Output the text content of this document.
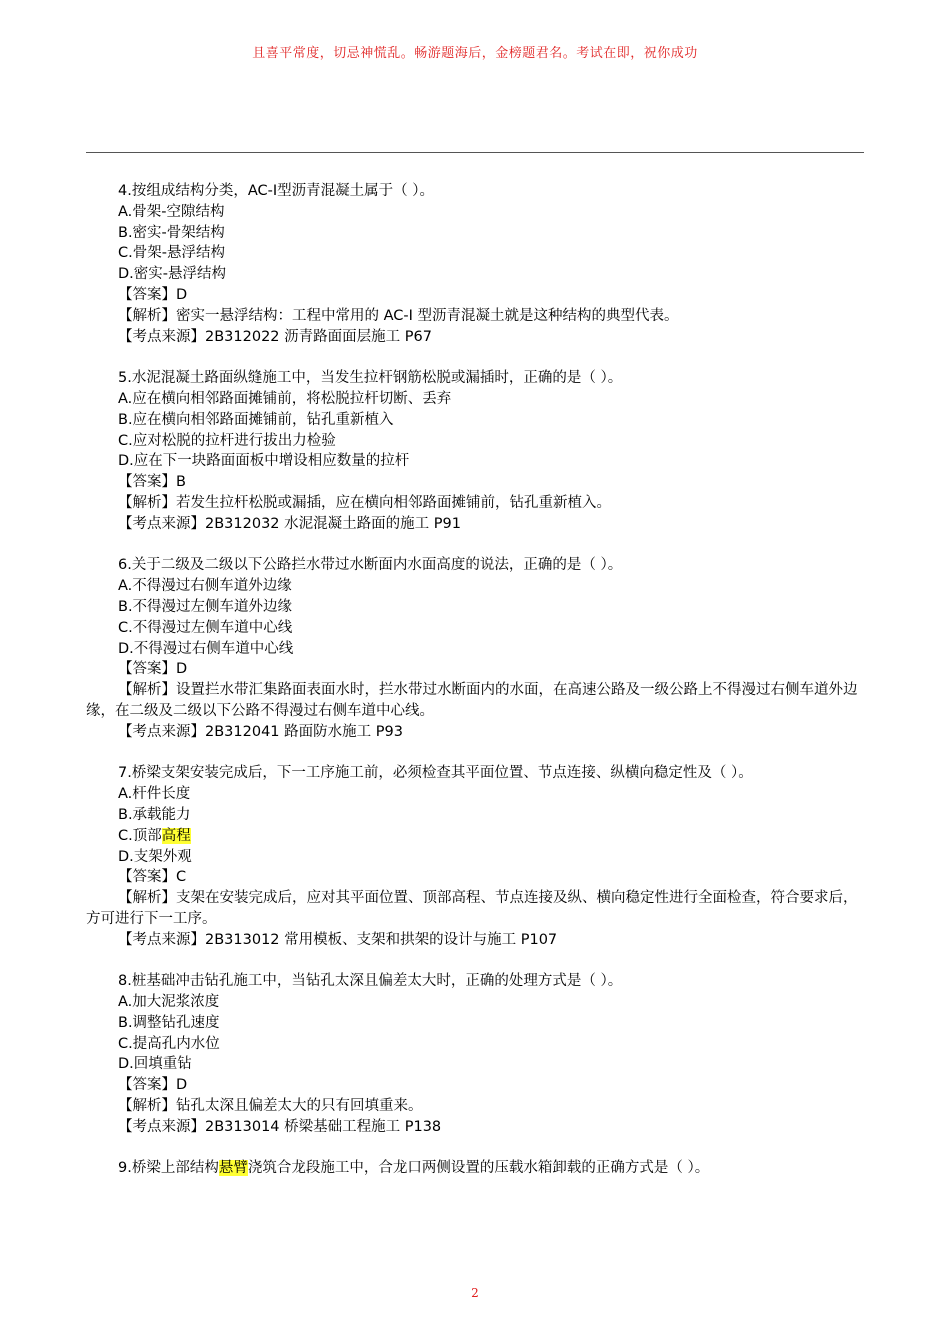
且喜平常度，切忌神慌乱。畅游题海后，金榜题君名。考试在即，祝你成功
4.按组成结构分类，AC-Ⅰ型沥青混凝土属于（ ）。
A.骨架-空隙结构
B.密实-骨架结构
C.骨架-悬浮结构
D.密实-悬浮结构
【答案】D
【解析】密实一悬浮结构：工程中常用的 AC-I 型沥青混凝土就是这种结构的典型代表。
【考点来源】2B312022 沥青路面面层施工 P67
5.水泥混凝土路面纵缝施工中，当发生拉杆钢筋松脱或漏插时，正确的是（ ）。
A.应在横向相邻路面摊铺前，将松脱拉杆切断、丢弃
B.应在横向相邻路面摊铺前，钻孔重新植入
C.应对松脱的拉杆进行拔出力检验
D.应在下一块路面面板中增设相应数量的拉杆
【答案】B
【解析】若发生拉杆松脱或漏插，应在横向相邻路面摊铺前，钻孔重新植入。
【考点来源】2B312032 水泥混凝土路面的施工 P91
6.关于二级及二级以下公路拦水带过水断面内水面高度的说法，正确的是（ ）。
A.不得漫过右侧车道外边缘
B.不得漫过左侧车道外边缘
C.不得漫过左侧车道中心线
D.不得漫过右侧车道中心线
【答案】D
【解析】设置拦水带汇集路面表面水时，拦水带过水断面内的水面，在高速公路及一级公路上不得漫过右侧车道外边缘，在二级及二级以下公路不得漫过右侧车道中心线。
【考点来源】2B312041 路面防水施工 P93
7.桥梁支架安装完成后，下一工序施工前，必须检查其平面位置、节点连接、纵横向稳定性及（ ）。
A.杆件长度
B.承载能力
C.顶部高程
D.支架外观
【答案】C
【解析】支架在安装完成后，应对其平面位置、顶部高程、节点连接及纵、横向稳定性进行全面检查，符合要求后，方可进行下一工序。
【考点来源】2B313012 常用模板、支架和拱架的设计与施工 P107
8.桩基础冲击钻孔施工中，当钻孔太深且偏差太大时，正确的处理方式是（ ）。
A.加大泥浆浓度
B.调整钻孔速度
C.提高孔内水位
D.回填重钻
【答案】D
【解析】钻孔太深且偏差太大的只有回填重来。
【考点来源】2B313014 桥梁基础工程施工 P138
9.桥梁上部结构悬臂浇筑合龙段施工中，合龙口两侧设置的压载水箱卸载的正确方式是（ ）。
2
